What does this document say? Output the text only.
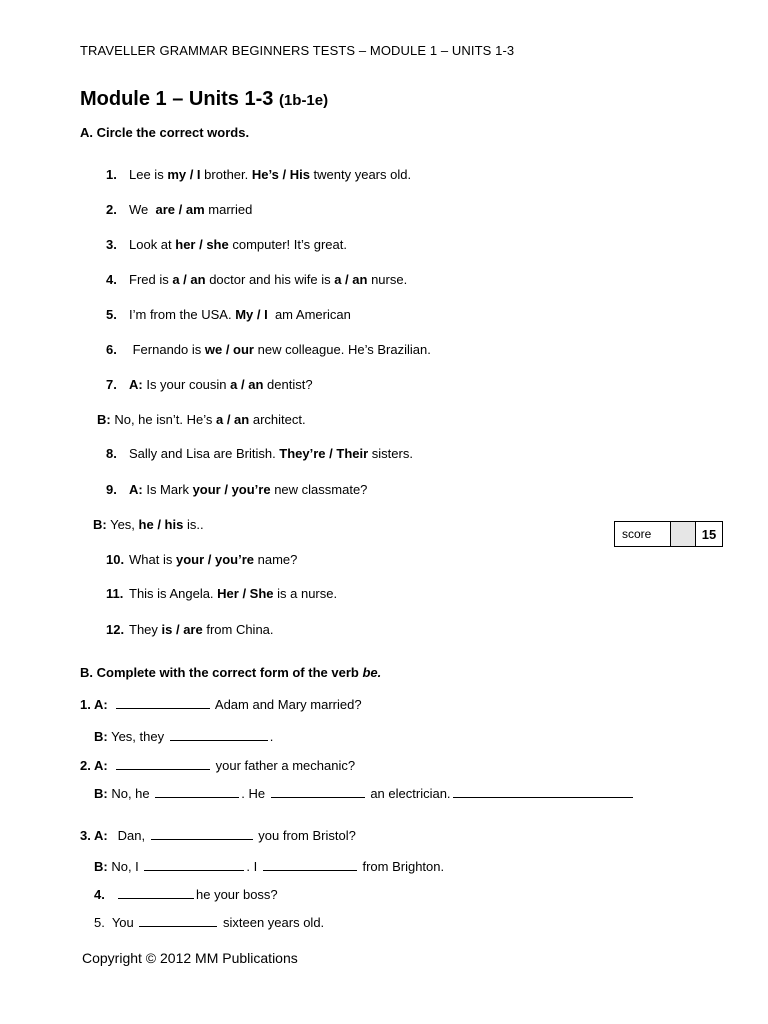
TRAVELLER GRAMMAR BEGINNERS TESTS – MODULE 1 – UNITS 1-3
Module 1 – Units 1-3 (1b-1e)
A. Circle the correct words.
1. Lee is my / I brother. He’s / His twenty years old.
2. We  are / am married
3. Look at her / she computer! It’s great.
4. Fred is a / an doctor and his wife is a / an nurse.
5. I’m from the USA. My / I  am American
6. Fernando is we / our new colleague. He’s Brazilian.
7. A: Is your cousin a / an dentist?
B: No, he isn’t. He’s a / an architect.
8. Sally and Lisa are British. They’re / Their sisters.
9. A: Is Mark your / you’re new classmate?
B: Yes, he / his is..
10. What is your / you’re name?
11. This is Angela. Her / She is a nurse.
12. They is / are from China.
score		15
B. Complete with the correct form of the verb be.
1. A:	Adam and Mary married?
B: Yes, they	.
2. A:	your father a mechanic?
B: No, he	. He	an electrician.
3. A: Dan,	you from Bristol?
B: No, I	. I	from Brighton.
4.	he your boss?
5.  You	sixteen years old.
Copyright © 2012 MM Publications
